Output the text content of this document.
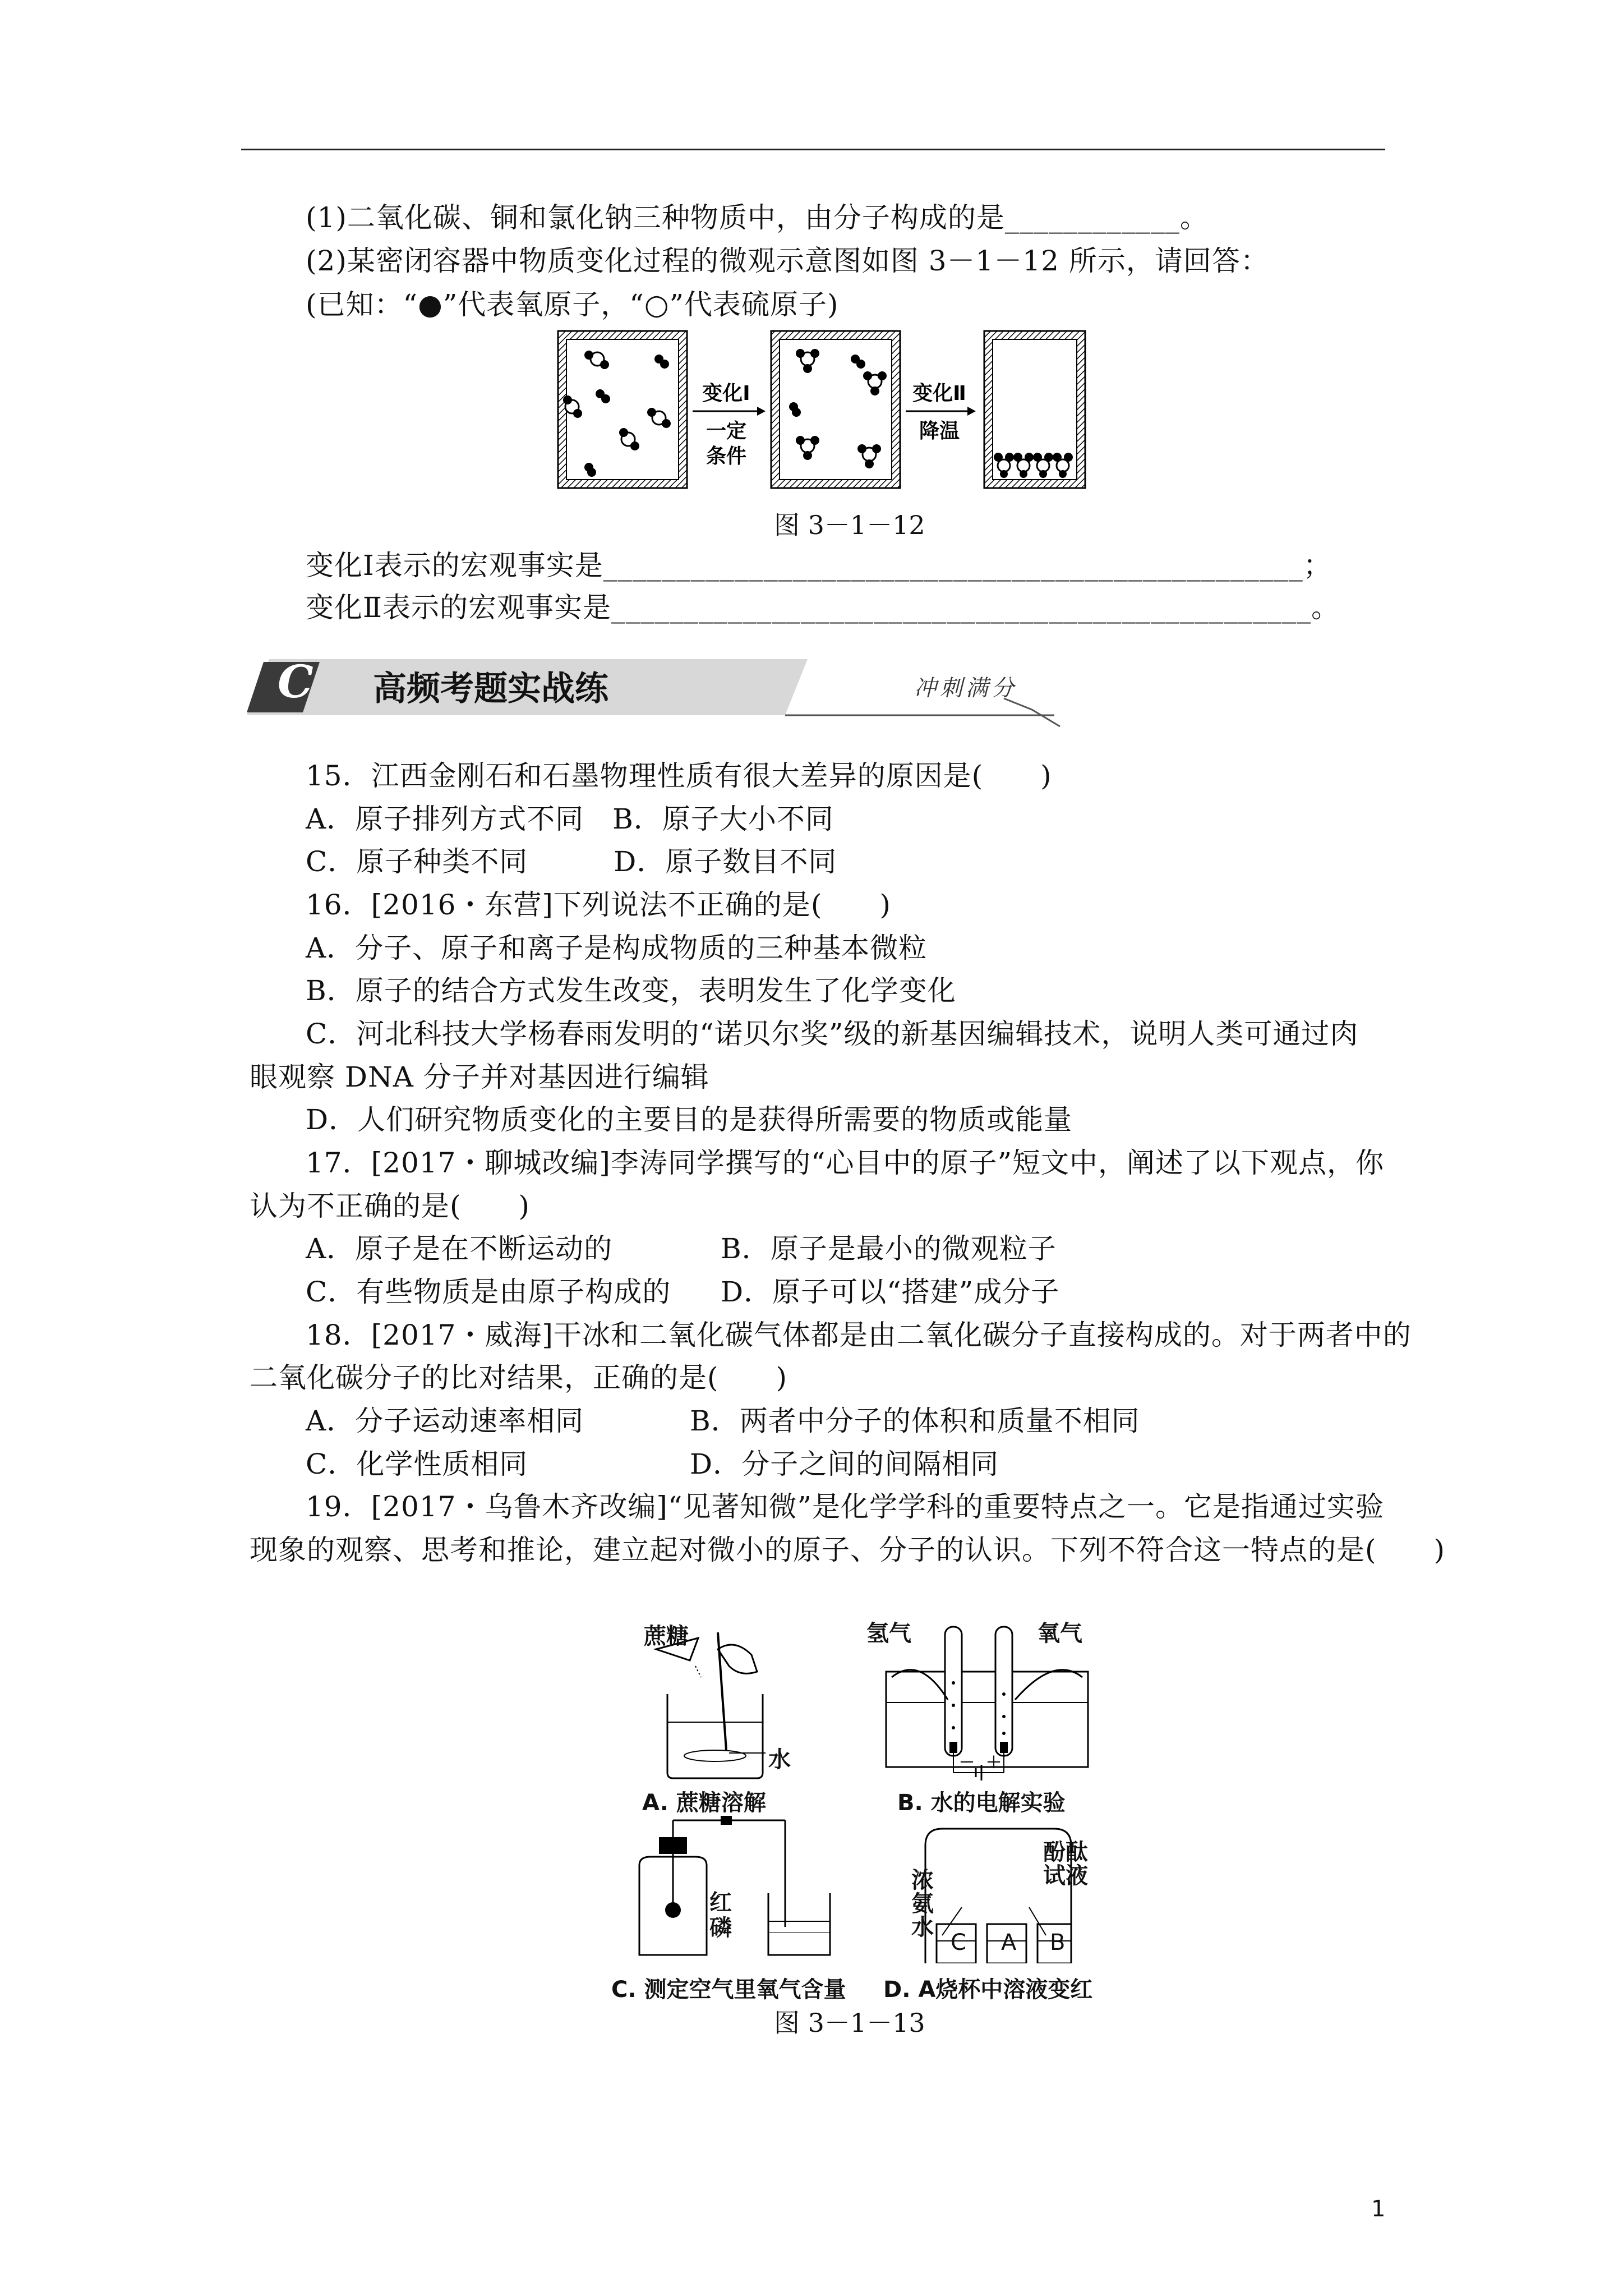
(1)二氧化碳、铜和氯化钠三种物质中，由分子构成的是____________。
(2)某密闭容器中物质变化过程的微观示意图如图 3－1－12 所示，请回答：
(已知：“●”代表氧原子，“○”代表硫原子)
变化Ⅰ
一定
条件
变化Ⅱ
降温
图 3－1－12
变化Ⅰ表示的宏观事实是________________________________________________；
变化Ⅱ表示的宏观事实是________________________________________________。
C 高频考题实战练	冲刺满分
15．江西金刚石和石墨物理性质有很大差异的原因是(　　)
A．原子排列方式不同　B．原子大小不同
C．原子种类不同　　　D．原子数目不同
16．[2016・东营]下列说法不正确的是(　　)
A．分子、原子和离子是构成物质的三种基本微粒
B．原子的结合方式发生改变，表明发生了化学变化
C．河北科技大学杨春雨发明的“诺贝尔奖”级的新基因编辑技术，说明人类可通过肉
眼观察 DNA 分子并对基因进行编辑
D．人们研究物质变化的主要目的是获得所需要的物质或能量
17．[2017・聊城改编]李涛同学撰写的“心目中的原子”短文中，阐述了以下观点，你
认为不正确的是(　　)
A．原子是在不断运动的	B．原子是最小的微观粒子
C．有些物质是由原子构成的 D．原子可以“搭建”成分子
18．[2017・威海]干冰和二氧化碳气体都是由二氧化碳分子直接构成的。对于两者中的
二氧化碳分子的比对结果，正确的是(　　)
A．分子运动速率相同	B．两者中分子的体积和质量不相同
C．化学性质相同	D．分子之间的间隔相同
19．[2017・乌鲁木齐改编]“见著知微”是化学学科的重要特点之一。它是指通过实验
现象的观察、思考和推论，建立起对微小的原子、分子的认识。下列不符合这一特点的是(　　)
蔗糖
水
A. 蔗糖溶解
氢气	氧气
－ ＋
B. 水的电解实验
红
磷
C. 测定空气里氧气含量
浓
氨
水
酚酞
试液
C A B
D. A烧杯中溶液变红
图 3－1－13
1
